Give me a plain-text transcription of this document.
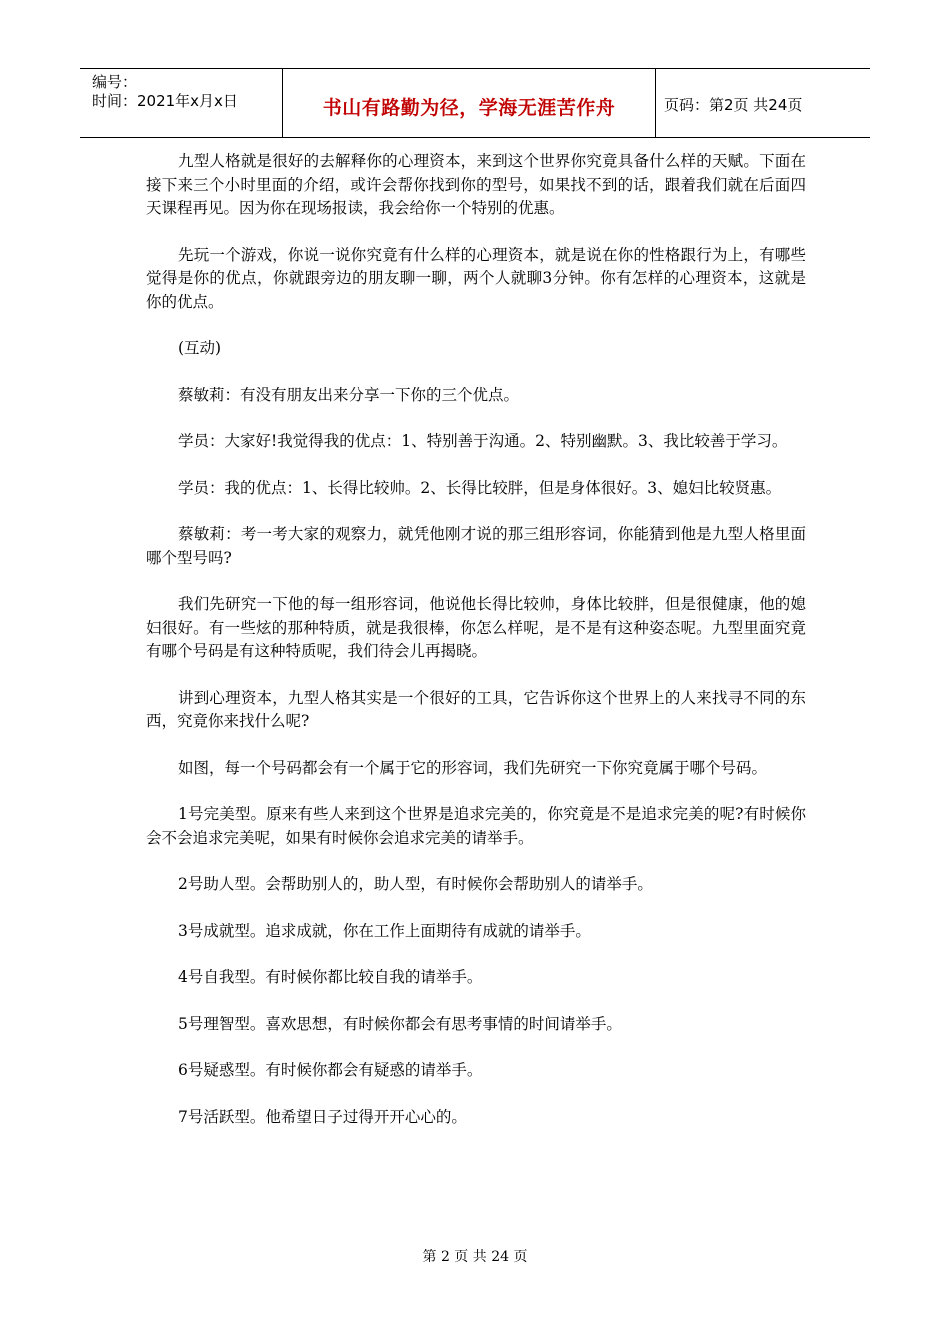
编号：
时间：2021年x月x日	书山有路勤为径，学海无涯苦作舟	页码：第2页 共24页

九型人格就是很好的去解释你的心理资本，来到这个世界你究竟具备什么样的天赋。下面在接下来三个小时里面的介绍，或许会帮你找到你的型号，如果找不到的话，跟着我们就在后面四天课程再见。因为你在现场报读，我会给你一个特别的优惠。

先玩一个游戏，你说一说你究竟有什么样的心理资本，就是说在你的性格跟行为上，有哪些觉得是你的优点，你就跟旁边的朋友聊一聊，两个人就聊3分钟。你有怎样的心理资本，这就是你的优点。

(互动)

蔡敏莉：有没有朋友出来分享一下你的三个优点。

学员：大家好!我觉得我的优点：1、特别善于沟通。2、特别幽默。3、我比较善于学习。

学员：我的优点：1、长得比较帅。2、长得比较胖，但是身体很好。3、媳妇比较贤惠。

蔡敏莉：考一考大家的观察力，就凭他刚才说的那三组形容词，你能猜到他是九型人格里面哪个型号吗?

我们先研究一下他的每一组形容词，他说他长得比较帅，身体比较胖，但是很健康，他的媳妇很好。有一些炫的那种特质，就是我很棒，你怎么样呢，是不是有这种姿态呢。九型里面究竟有哪个号码是有这种特质呢，我们待会儿再揭晓。

讲到心理资本，九型人格其实是一个很好的工具，它告诉你这个世界上的人来找寻不同的东西，究竟你来找什么呢?

如图，每一个号码都会有一个属于它的形容词，我们先研究一下你究竟属于哪个号码。

1号完美型。原来有些人来到这个世界是追求完美的，你究竟是不是追求完美的呢?有时候你会不会追求完美呢，如果有时候你会追求完美的请举手。

2号助人型。会帮助别人的，助人型，有时候你会帮助别人的请举手。

3号成就型。追求成就，你在工作上面期待有成就的请举手。

4号自我型。有时候你都比较自我的请举手。

5号理智型。喜欢思想，有时候你都会有思考事情的时间请举手。

6号疑惑型。有时候你都会有疑惑的请举手。

7号活跃型。他希望日子过得开开心心的。

第 2 页 共 24 页
